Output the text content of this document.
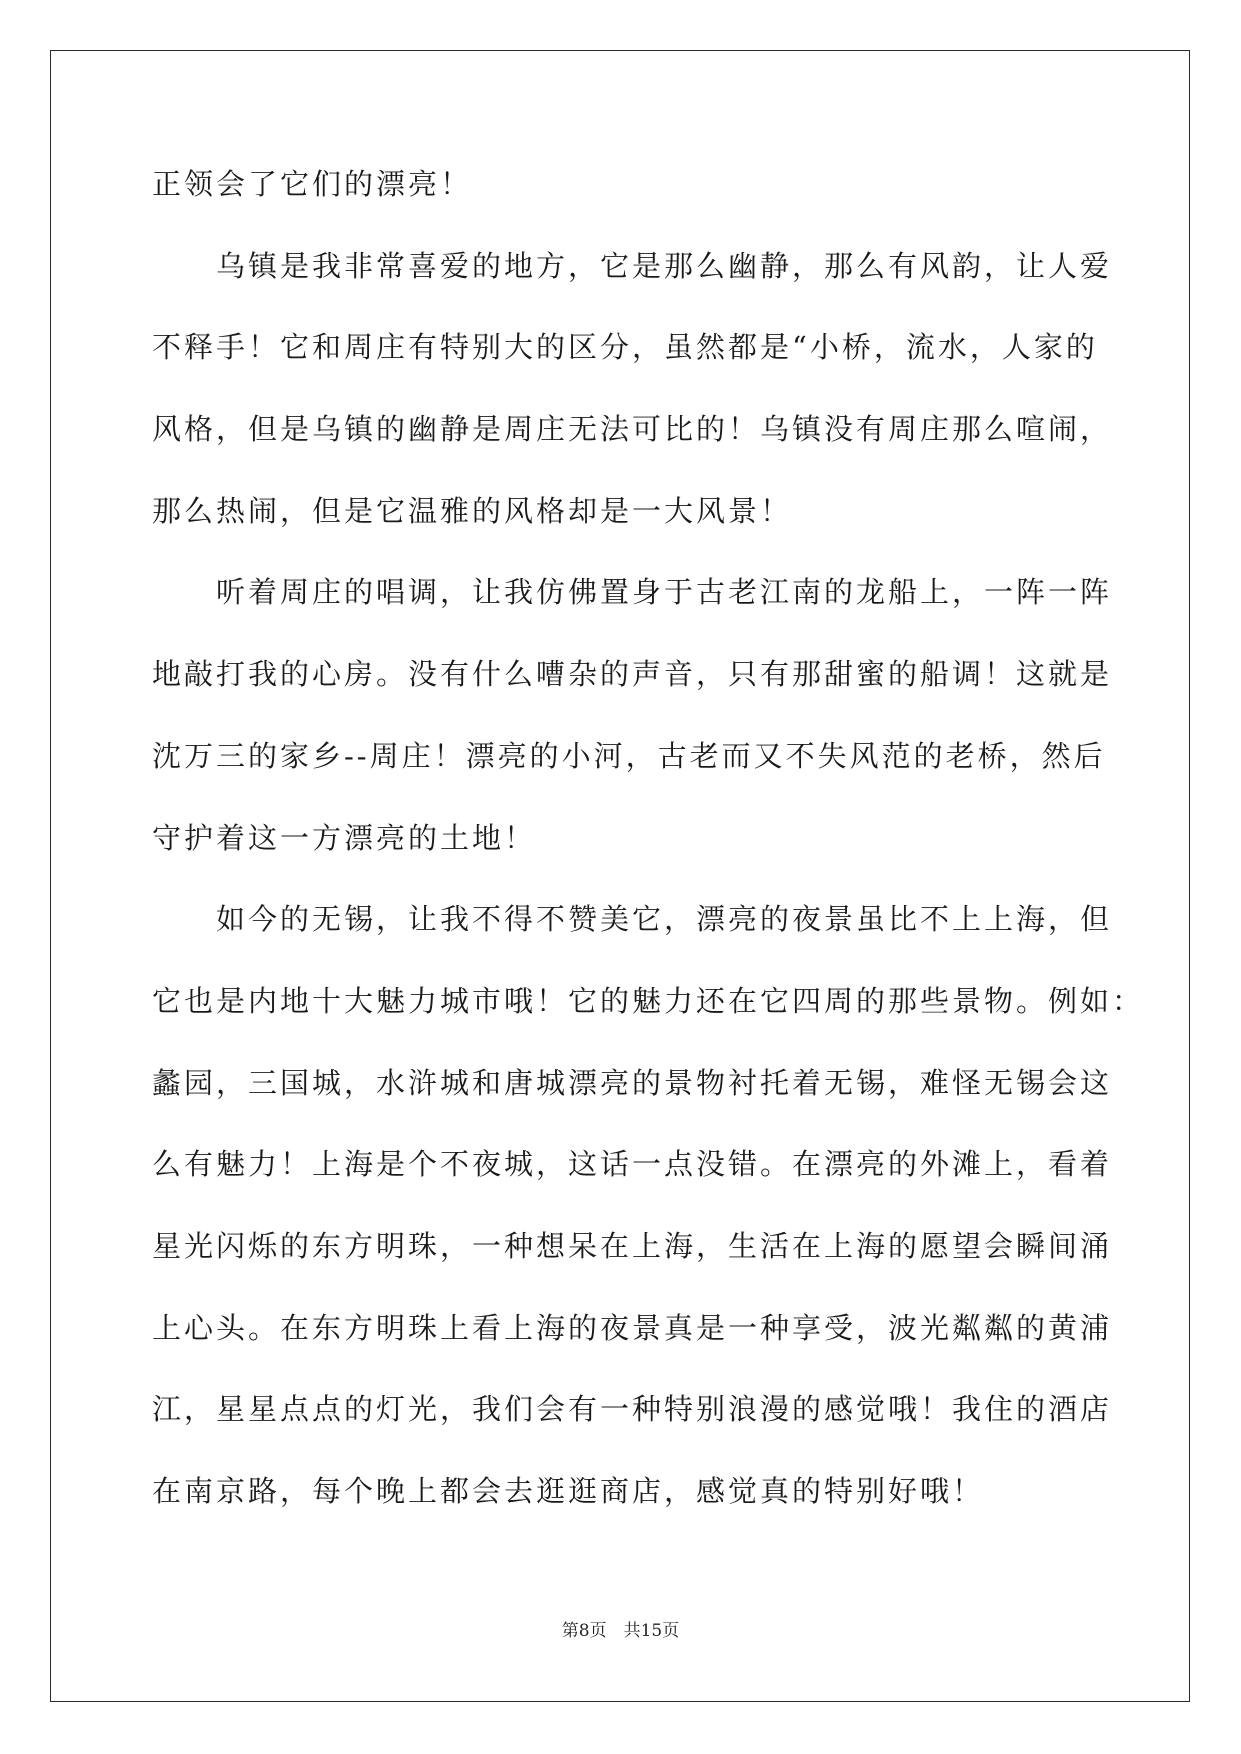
正领会了它们的漂亮！
乌镇是我非常喜爱的地方，它是那么幽静，那么有风韵，让人爱
不释手！它和周庄有特别大的区分，虽然都是“小桥，流水，人家的
风格，但是乌镇的幽静是周庄无法可比的！乌镇没有周庄那么喧闹，
那么热闹，但是它温雅的风格却是一大风景！
听着周庄的唱调，让我仿佛置身于古老江南的龙船上，一阵一阵
地敲打我的心房。没有什么嘈杂的声音，只有那甜蜜的船调！这就是
沈万三的家乡--周庄！漂亮的小河，古老而又不失风范的老桥，然后
守护着这一方漂亮的土地！
如今的无锡，让我不得不赞美它，漂亮的夜景虽比不上上海，但
它也是内地十大魅力城市哦！它的魅力还在它四周的那些景物。例如：
蠡园，三国城，水浒城和唐城漂亮的景物衬托着无锡，难怪无锡会这
么有魅力！上海是个不夜城，这话一点没错。在漂亮的外滩上，看着
星光闪烁的东方明珠，一种想呆在上海，生活在上海的愿望会瞬间涌
上心头。在东方明珠上看上海的夜景真是一种享受，波光粼粼的黄浦
江，星星点点的灯光，我们会有一种特别浪漫的感觉哦！我住的酒店
在南京路，每个晚上都会去逛逛商店，感觉真的特别好哦！
第8页　共15页
